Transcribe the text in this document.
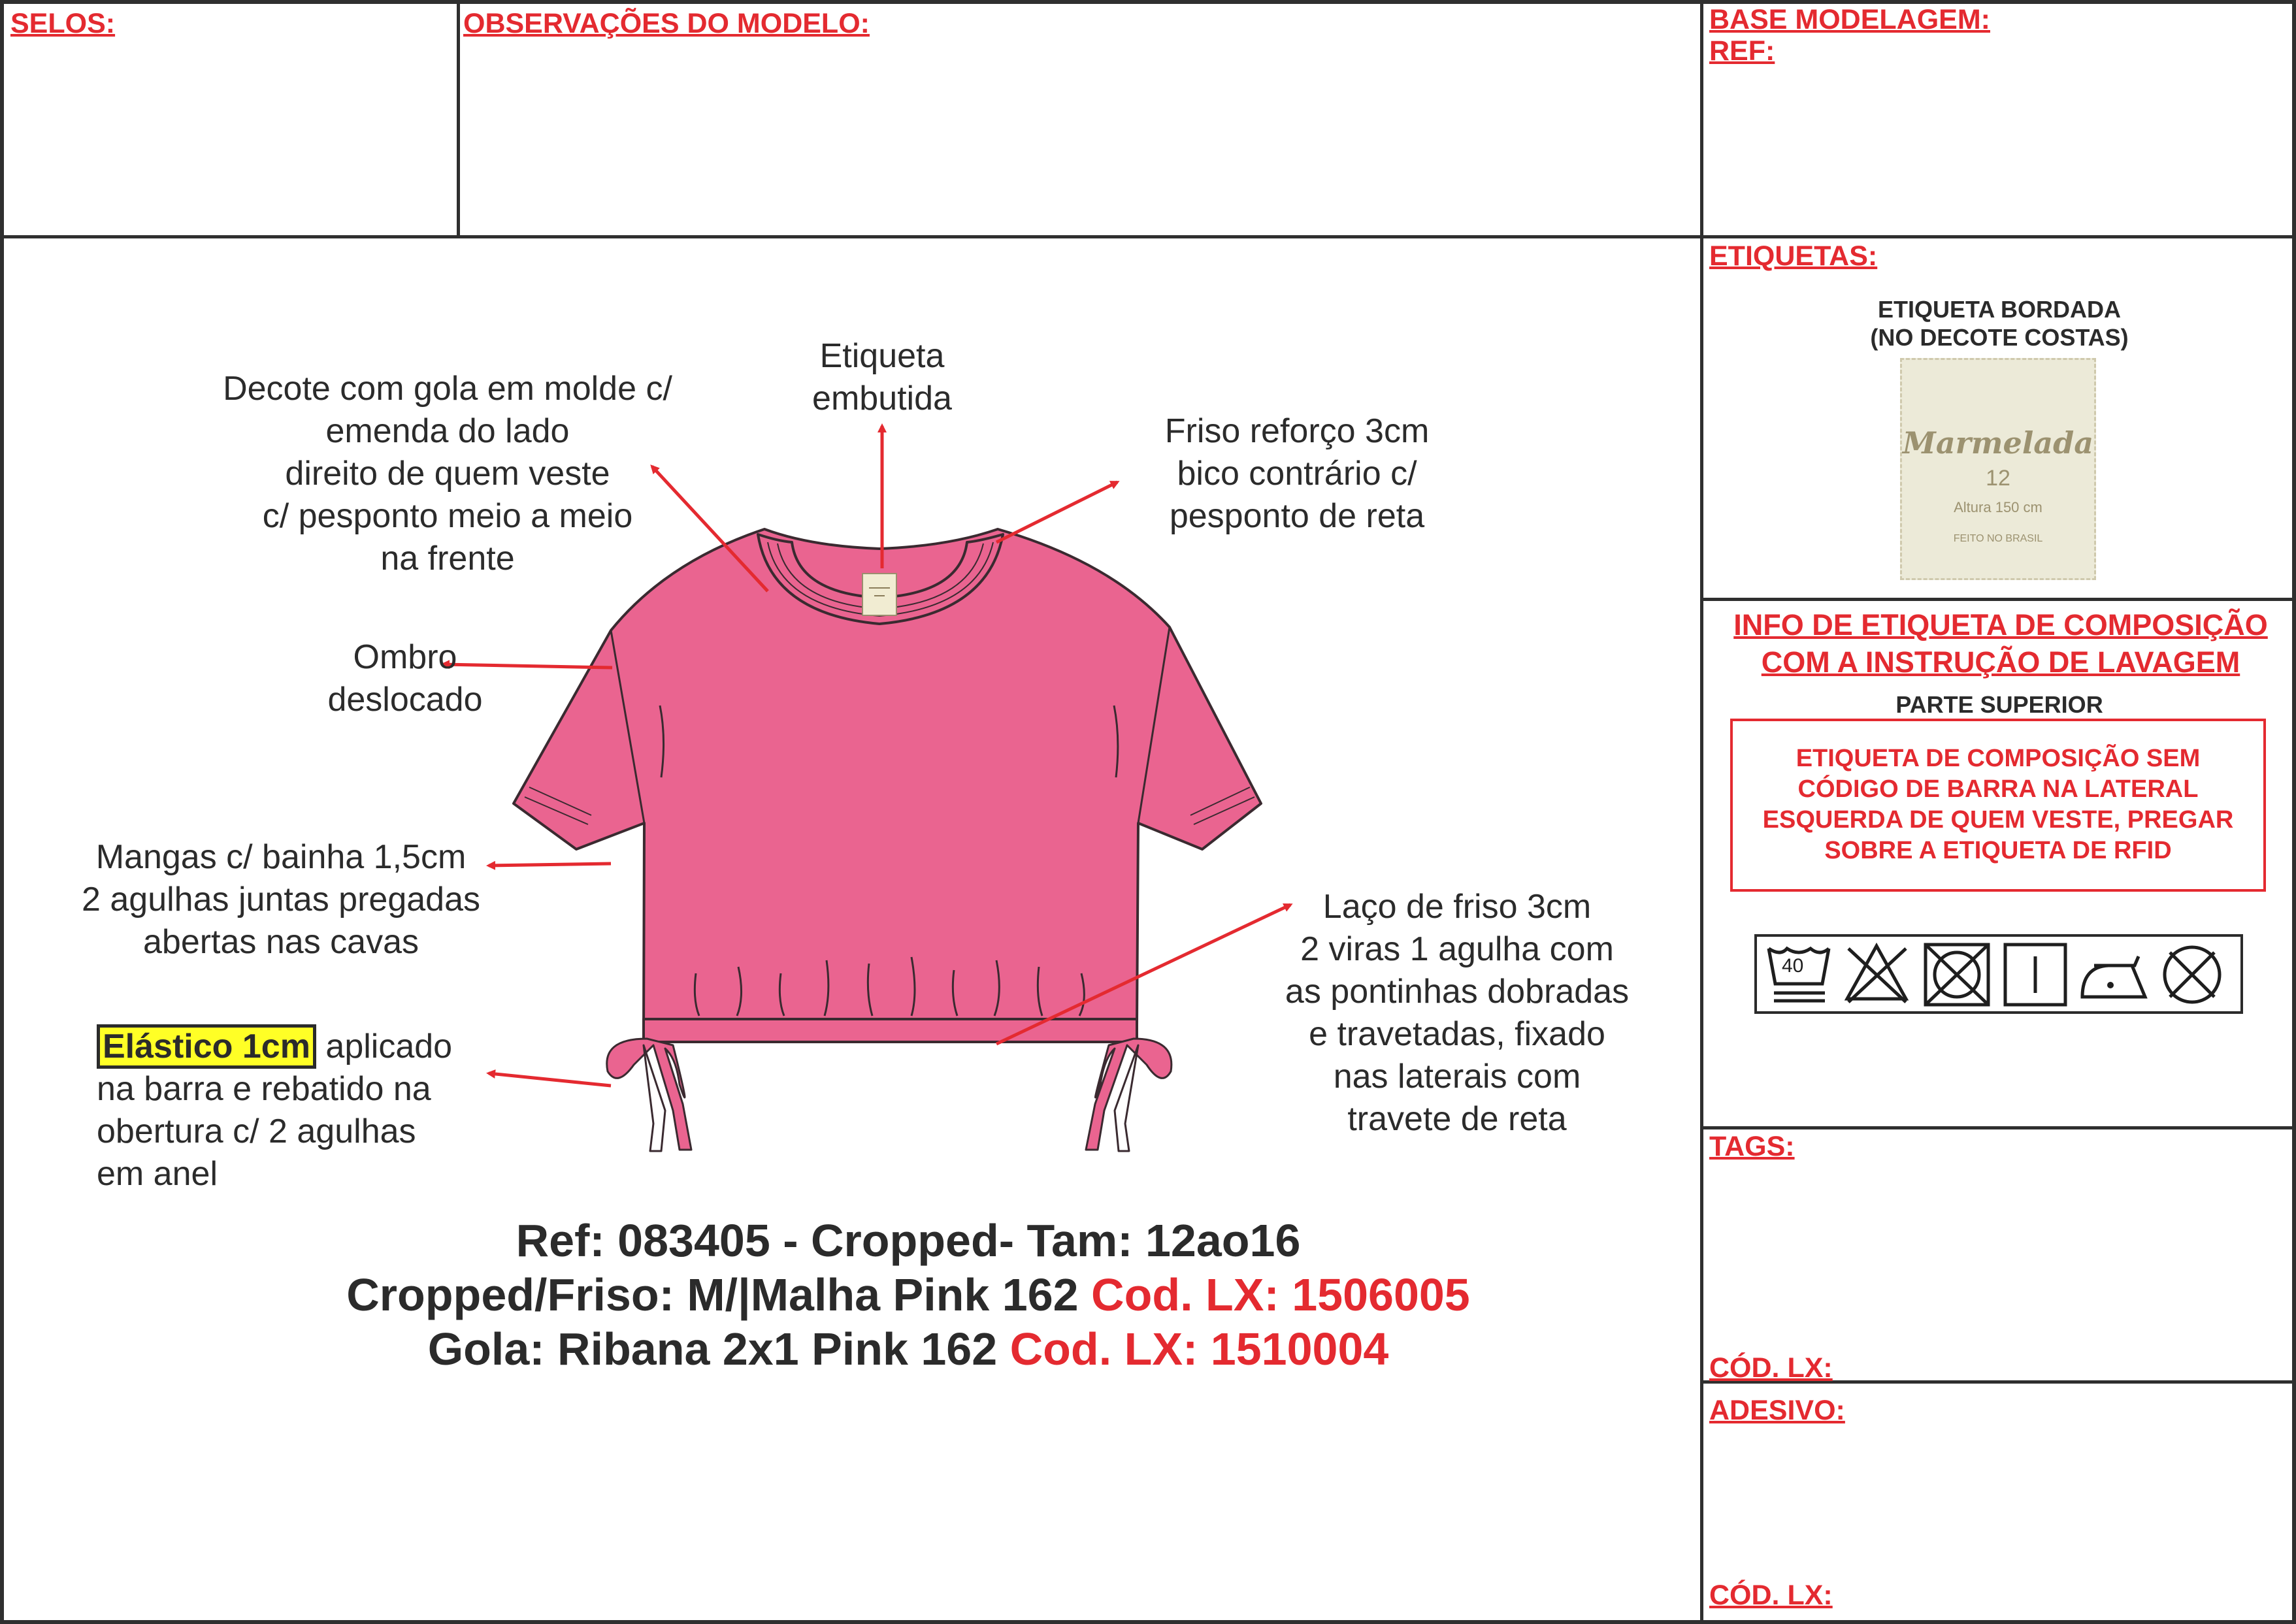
SELOS:	OBSERVAÇÕES DO MODELO:	BASE MODELAGEM:
REF:
Decote com gola em molde c/
emenda do lado
direito de quem veste
c/ pesponto meio a meio
na frente
Etiqueta
embutida
Friso reforço 3cm
bico contrário c/
pesponto de reta
Ombro
deslocado
Mangas c/ bainha 1,5cm
2 agulhas juntas pregadas
abertas nas cavas
Elástico 1cm aplicado
na barra e rebatido na
obertura c/ 2 agulhas
em anel
Laço de friso 3cm
2 viras 1 agulha com
as pontinhas dobradas
e travetadas, fixado
nas laterais com
travete de reta
Ref: 083405 - Cropped- Tam: 12ao16
Cropped/Friso: M/|Malha Pink 162 Cod. LX: 1506005
Gola: Ribana 2x1 Pink 162 Cod. LX: 1510004
ETIQUETAS:
ETIQUETA BORDADA
(NO DECOTE COSTAS)
Marmelada
12
Altura 150 cm
FEITO NO BRASIL
INFO DE ETIQUETA DE COMPOSIÇÃO
COM A INSTRUÇÃO DE LAVAGEM
PARTE SUPERIOR
ETIQUETA DE COMPOSIÇÃO SEM
CÓDIGO DE BARRA NA LATERAL
ESQUERDA DE QUEM VESTE, PREGAR
SOBRE A ETIQUETA DE RFID
40
TAGS:
CÓD. LX:
ADESIVO:
CÓD. LX:
